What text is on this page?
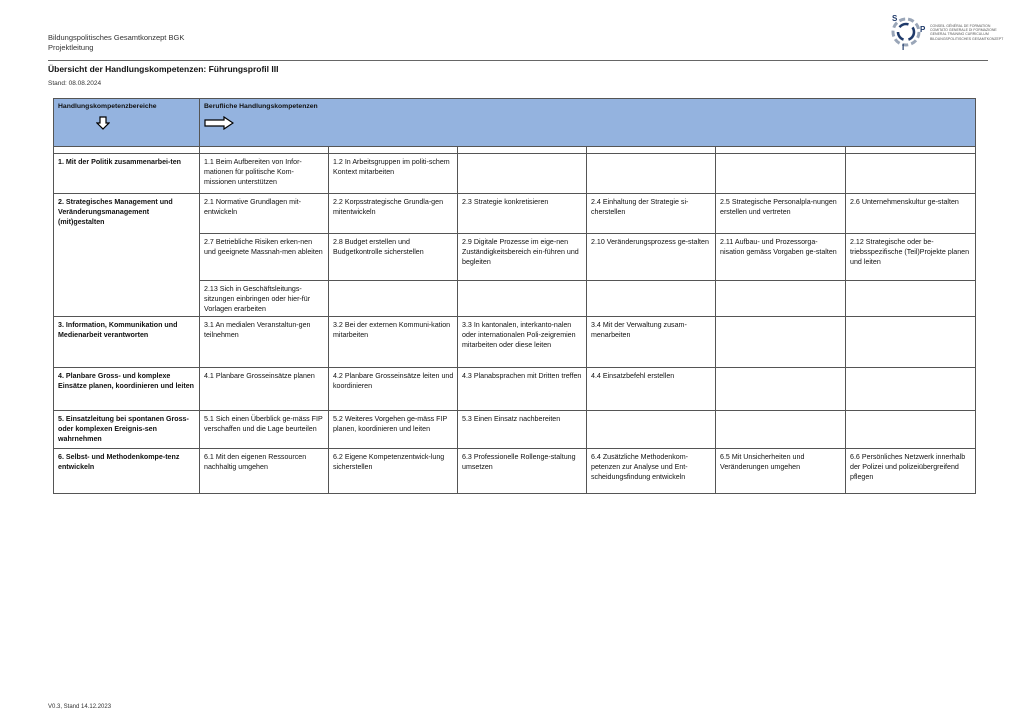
Bildungspolitisches Gesamtkonzept BGK
Projektleitung
S
P
I
CONSEIL GÉNÉRAL DE FORMATION
COMITATO GENERALE DI FORMAZIONE
GENERAL TRAINING CURRICULUM
BILDUNGSPOLITISCHES GESAMTKONZEPT
Übersicht der Handlungskompetenzen: Führungsprofil III
Stand: 08.08.2024
Handlungskompetenzbereiche	Berufliche Handlungskompetenzen					

1. Mit der Politik zusammenarbei-ten	1.1 Beim Aufbereiten von Infor-mationen für politische Kom-missionen unterstützen	1.2 In Arbeitsgruppen im politi-schem Kontext mitarbeiten				
2. Strategisches Management und Veränderungsmanagement (mit)gestalten	2.1 Normative Grundlagen mit-entwickeln	2.2 Korpsstrategische Grundla-gen mitentwickeln	2.3 Strategie konkretisieren	2.4 Einhaltung der Strategie si-cherstellen	2.5 Strategische Personalpla-nungen erstellen und vertreten	2.6 Unternehmenskultur ge-stalten
	2.7 Betriebliche Risiken erken-nen und geeignete Massnah-men ableiten	2.8 Budget erstellen und Budgetkontrolle sicherstellen	2.9 Digitale Prozesse im eige-nen Zuständigkeitsbereich ein-führen und begleiten	2.10 Veränderungsprozess ge-stalten	2.11 Aufbau- und Prozessorga-nisation gemäss Vorgaben ge-stalten	2.12 Strategische oder be-triebsspezifische (Teil)Projekte planen und leiten
	2.13 Sich in Geschäftsleitungs-sitzungen einbringen oder hier-für Vorlagen erarbeiten					
3. Information, Kommunikation und Medienarbeit verantworten	3.1 An medialen Veranstaltun-gen teilnehmen	3.2 Bei der externen Kommuni-kation mitarbeiten	3.3 In kantonalen, interkanto-nalen oder internationalen Poli-zeigremien mitarbeiten oder diese leiten	3.4 Mit der Verwaltung zusam-menarbeiten		
4. Planbare Gross- und komplexe Einsätze planen, koordinieren und leiten	4.1 Planbare Grosseinsätze planen	4.2 Planbare Grosseinsätze leiten und koordinieren	4.3 Planabsprachen mit Dritten treffen	4.4 Einsatzbefehl erstellen		
5. Einsatzleitung bei spontanen Gross- oder komplexen Ereignis-sen wahrnehmen	5.1 Sich einen Überblick ge-mäss FIP verschaffen und die Lage beurteilen	5.2 Weiteres Vorgehen ge-mäss FIP planen, koordinieren und leiten	5.3 Einen Einsatz nachbereiten			
6. Selbst- und Methodenkompe-tenz entwickeln	6.1 Mit den eigenen Ressourcen nachhaltig umgehen	6.2 Eigene Kompetenzentwick-lung sicherstellen	6.3 Professionelle Rollenge-staltung umsetzen	6.4 Zusätzliche Methodenkom-petenzen zur Analyse und Ent-scheidungsfindung entwickeln	6.5 Mit Unsicherheiten und Veränderungen umgehen	6.6 Persönliches Netzwerk innerhalb der Polizei und polizeiübergreifend pflegen
V0.3, Stand 14.12.2023
